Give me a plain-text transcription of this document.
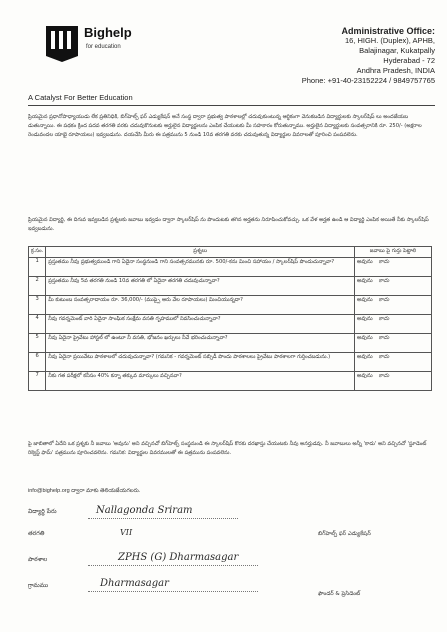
Bighelp
for education
A Catalyst For Better Education
Administrative Office:
16, HIGH. (Duplex), APHB,
Balajinagar, Kukatpally
Hyderabad - 72
Andhra Pradesh, INDIA
Phone: +91-40-23152224 / 9849757765
ప్రియమైన ప్రధానోపాధ్యాయుడు లేక ప్రతినిధికి, బిగ్‌హెల్ప్ ఫర్ ఎడ్యుకేషన్ అనే సంస్థ ద్వారా ప్రభుత్వ పాఠశాలల్లో చదువుకుంటున్న ఆర్థికంగా వెనుకబడిన విద్యార్థులకు స్కాలర్‌షిప్ లు అందజేయబడుతున్నాయి. ఈ పథకం క్రింద పదవ తరగతి వరకు చదువుకొనుటకు అర్హులైన విద్యార్థులను ఎంపిక చేయుటకు మీ సహకారం కోరుతున్నాము. అర్హులైన విద్యార్థులకు సంవత్సరానికి రూ. 250/- (అక్షరాల రెండువందల యాభై రూపాయలు) ఇవ్వబడును. దయచేసి మీరు ఈ పత్రమును 5 నుండి 10వ తరగతి వరకు చదువుతున్న విద్యార్థుల వివరాలతో పూరించి పంపవలెను.
ప్రియమైన విద్యార్థి, ఈ దిగువ ఇవ్వబడిన ప్రశ్నలకు జవాబు ఇవ్వడం ద్వారా స్కాలర్‌షిప్ ను పొందుటకు తగిన అర్హతను నిరూపించుకోవచ్చు. ఒక వేళ అర్హత ఉండి ఆ విద్యార్థి ఎంపిక అయితే నీకు స్కాలర్‌షిప్ ఇవ్వబడును.
క్ర.సం.	ప్రశ్నలు	జవాబు పై గుర్తు పెట్టాలి
1	ప్రస్తుతము నీవు ప్రభుత్వముండి గాని ఏదైనా సంస్థనుండి గాని సంవత్సరమునకు రూ. 500/-కను మించి సహాయం / స్కాలర్‌షిప్ పొందుచున్నావా?	అవును కాదు
2	ప్రస్తుతము నీవు 5వ తరగతి నుండి 10వ తరగతి లో ఏదైనా తరగతి చదువుచున్నావా?	అవును కాదు
3	మీ కుటుంబ సంవత్సరాదాయం రూ. 36,000/- (ముప్పై ఆరు వేల రూపాయలు) మించియున్నదా?	అవును కాదు
4	నీవు గవర్నమెంట్ వారి ఏదైనా సాంఘిక సంక్షేమ వసతి గృహములో నివసించుచున్నావా?	అవును కాదు
5	నీవు ఏదైనా ప్రైవేటు హాస్టల్ లో ఉంటూ నీ వసతి, భోజనం ఖర్చులు నీవే భరించుచున్నావా?	అవును కాదు
6	నీవు ఏదైనా ప్రయివేటు పాఠశాలలో చదువుచున్నావా? (గమనిక - గవర్నమెంట్ సబ్సిడీ పొందు పాఠశాలలు ప్రైవేటు పాఠశాలగా గుర్తించబడును.)	అవును కాదు
7	నీకు గత పరీక్షలో కనీసం 40% కన్నా తక్కువ మార్కులు వచ్చినవా?	అవును కాదు
పై జాబితాలో ఏదేని ఒక ప్రశ్నకు నీ జవాబు 'అవును' అని వచ్చినచో బిగ్‌హెల్ప్ సంస్థనుండి ఈ స్కాలర్‌షిప్ కొరకు దరఖాస్తు చేయుటకు నీవు అనర్హుడవు. నీ జవాబులు అన్నీ 'కాదు' అని వచ్చినచో 'స్టూడెంట్ రిక్వెస్ట్ ఫామ్' పత్రమును పూరించవలెను. గమనిక: విద్యార్థుల వివరములతో ఈ పత్రమును పంపవలెను.
info@bighelp.org ద్వారా మాకు తెలియజేయగలరు.
విద్యార్థి పేరు	Nallagonda Sriram
తరగతి	VII
పాఠశాల	ZPHS (G) Dharmasagar
గ్రామము	Dharmasagar
బిగ్‌హెల్ప్ ఫర్ ఎడ్యుకేషన్
ఫౌండర్ & ప్రెసిడెంట్
